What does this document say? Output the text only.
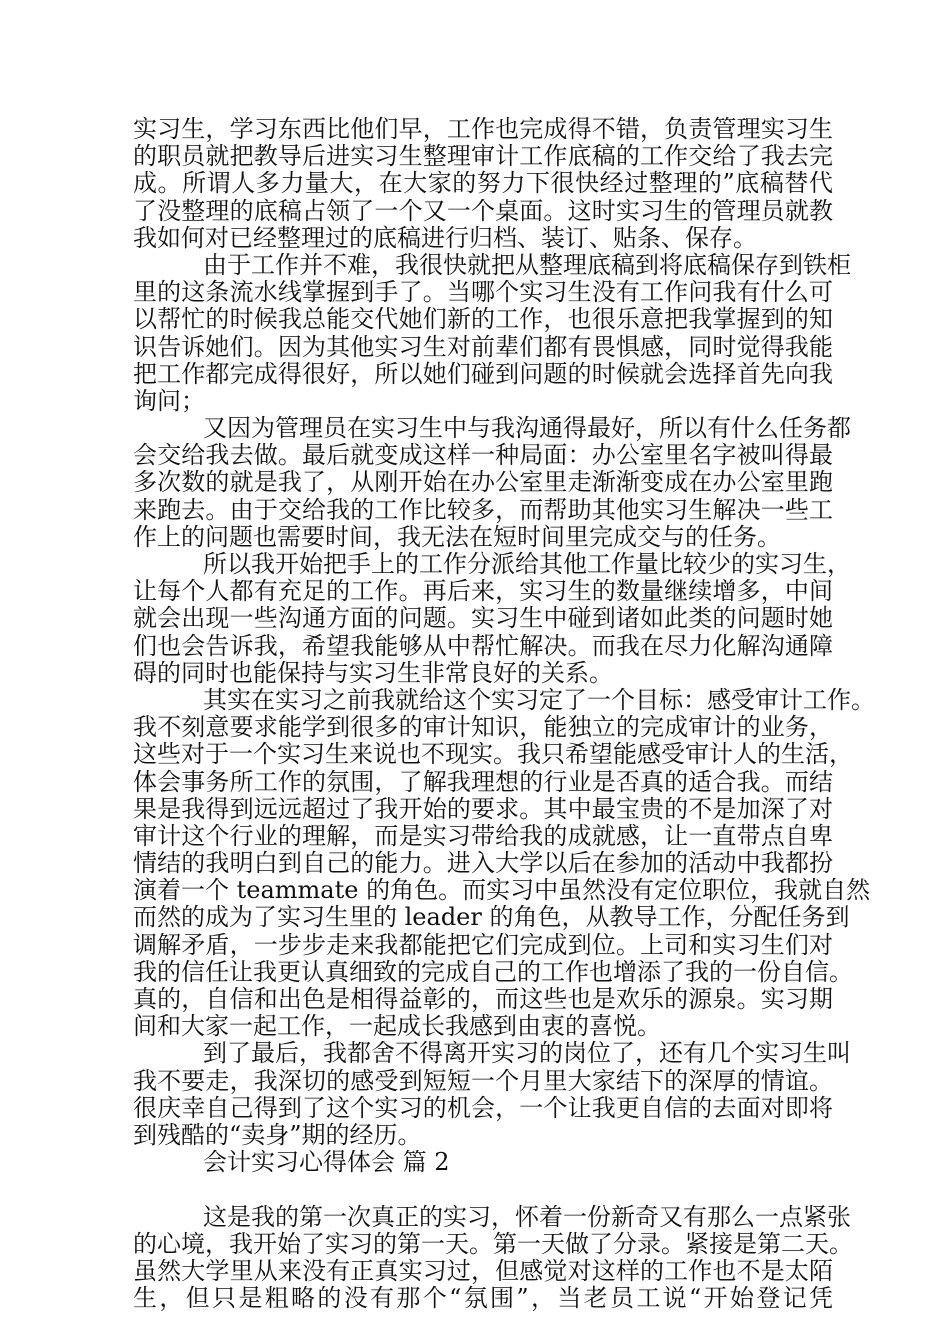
实习生，学习东西比他们早，工作也完成得不错，负责管理实习生
的职员就把教导后进实习生整理审计工作底稿的工作交给了我去完
成。所谓人多力量大，在大家的努力下很快经过整理的”底稿替代
了没整理的底稿占领了一个又一个桌面。这时实习生的管理员就教
我如何对已经整理过的底稿进行归档、装订、贴条、保存。
由于工作并不难，我很快就把从整理底稿到将底稿保存到铁柜
里的这条流水线掌握到手了。当哪个实习生没有工作问我有什么可
以帮忙的时候我总能交代她们新的工作，也很乐意把我掌握到的知
识告诉她们。因为其他实习生对前辈们都有畏惧感，同时觉得我能
把工作都完成得很好，所以她们碰到问题的时候就会选择首先向我
询问；
又因为管理员在实习生中与我沟通得最好，所以有什么任务都
会交给我去做。最后就变成这样一种局面：办公室里名字被叫得最
多次数的就是我了，从刚开始在办公室里走渐渐变成在办公室里跑
来跑去。由于交给我的工作比较多，而帮助其他实习生解决一些工
作上的问题也需要时间，我无法在短时间里完成交与的任务。
所以我开始把手上的工作分派给其他工作量比较少的实习生，
让每个人都有充足的工作。再后来，实习生的数量继续增多，中间
就会出现一些沟通方面的问题。实习生中碰到诸如此类的问题时她
们也会告诉我，希望我能够从中帮忙解决。而我在尽力化解沟通障
碍的同时也能保持与实习生非常良好的关系。
其实在实习之前我就给这个实习定了一个目标：感受审计工作。
我不刻意要求能学到很多的审计知识，能独立的完成审计的业务，
这些对于一个实习生来说也不现实。我只希望能感受审计人的生活，
体会事务所工作的氛围，了解我理想的行业是否真的适合我。而结
果是我得到远远超过了我开始的要求。其中最宝贵的不是加深了对
审计这个行业的理解，而是实习带给我的成就感，让一直带点自卑
情结的我明白到自己的能力。进入大学以后在参加的活动中我都扮
演着一个 teammate 的角色。而实习中虽然没有定位职位，我就自然
而然的成为了实习生里的 leader 的角色，从教导工作，分配任务到
调解矛盾，一步步走来我都能把它们完成到位。上司和实习生们对
我的信任让我更认真细致的完成自己的工作也增添了我的一份自信。
真的，自信和出色是相得益彰的，而这些也是欢乐的源泉。实习期
间和大家一起工作，一起成长我感到由衷的喜悦。
到了最后，我都舍不得离开实习的岗位了，还有几个实习生叫
我不要走，我深切的感受到短短一个月里大家结下的深厚的情谊。
很庆幸自己得到了这个实习的机会，一个让我更自信的去面对即将
到残酷的“卖身”期的经历。
会计实习心得体会 篇 2
这是我的第一次真正的实习，怀着一份新奇又有那么一点紧张
的心境，我开始了实习的第一天。第一天做了分录。紧接是第二天。
虽然大学里从来没有正真实习过，但感觉对这样的工作也不是太陌
生，但只是粗略的没有那个“氛围”，当老员工说“开始登记凭
